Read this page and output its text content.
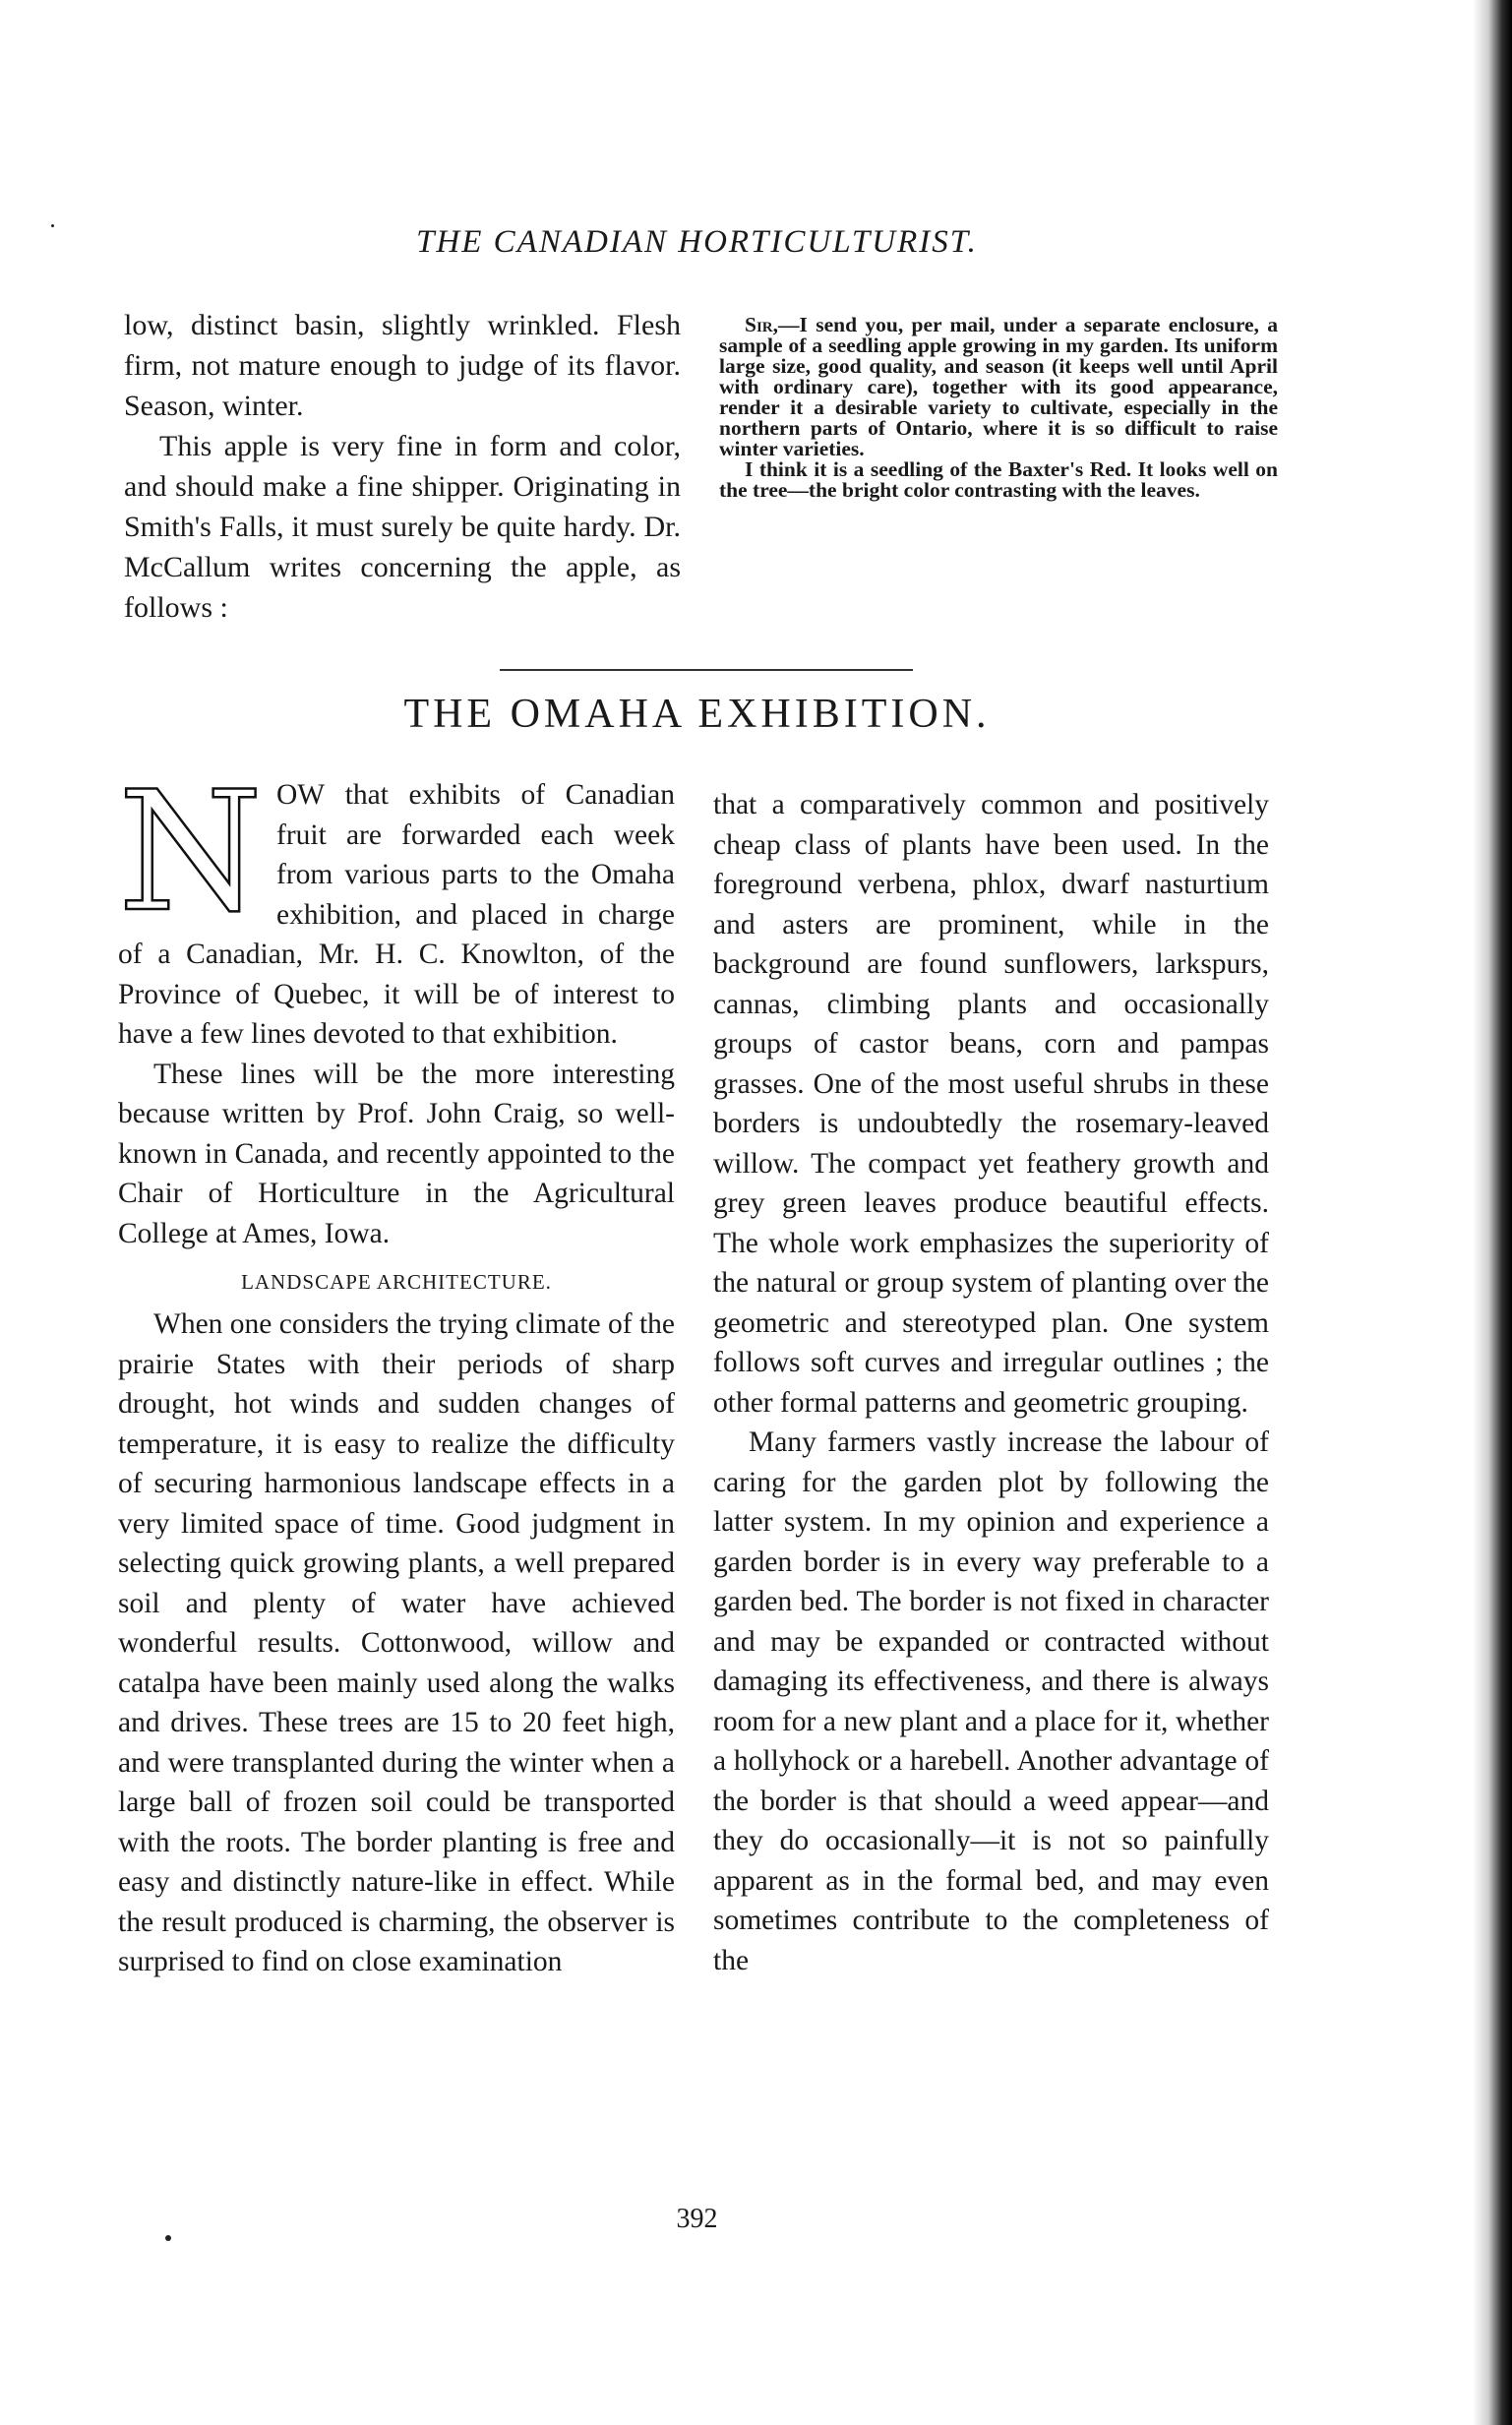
THE CANADIAN HORTICULTURIST.

low, distinct basin, slightly wrinkled. Flesh firm, not mature enough to judge of its flavor. Season, winter.

This apple is very fine in form and color, and should make a fine shipper. Originating in Smith's Falls, it must surely be quite hardy. Dr. McCallum writes concerning the apple, as follows :

Sir,—I send you, per mail, under a separate enclosure, a sample of a seedling apple growing in my garden. Its uniform large size, good quality, and season (it keeps well until April with ordinary care), together with its good appearance, render it a desirable variety to cultivate, especially in the northern parts of Ontario, where it is so difficult to raise winter varieties.

I think it is a seedling of the Baxter's Red. It looks well on the tree—the bright color contrasting with the leaves.

THE OMAHA EXHIBITION.

NOW that exhibits of Canadian fruit are forwarded each week from various parts to the Omaha exhibition, and placed in charge of a Canadian, Mr. H. C. Knowlton, of the Province of Quebec, it will be of interest to have a few lines devoted to that exhibition.

These lines will be the more interesting because written by Prof. John Craig, so well-known in Canada, and recently appointed to the Chair of Horticulture in the Agricultural College at Ames, Iowa.

LANDSCAPE ARCHITECTURE.

When one considers the trying climate of the prairie States with their periods of sharp drought, hot winds and sudden changes of temperature, it is easy to realize the difficulty of securing harmonious landscape effects in a very limited space of time. Good judgment in selecting quick growing plants, a well prepared soil and plenty of water have achieved wonderful results. Cottonwood, willow and catalpa have been mainly used along the walks and drives. These trees are 15 to 20 feet high, and were transplanted during the winter when a large ball of frozen soil could be transported with the roots. The border planting is free and easy and distinctly nature-like in effect. While the result produced is charming, the observer is surprised to find on close examination

that a comparatively common and positively cheap class of plants have been used. In the foreground verbena, phlox, dwarf nasturtium and asters are prominent, while in the background are found sunflowers, larkspurs, cannas, climbing plants and occasionally groups of castor beans, corn and pampas grasses. One of the most useful shrubs in these borders is undoubtedly the rosemary-leaved willow. The compact yet feathery growth and grey green leaves produce beautiful effects. The whole work emphasizes the superiority of the natural or group system of planting over the geometric and stereotyped plan. One system follows soft curves and irregular outlines ; the other formal patterns and geometric grouping.

Many farmers vastly increase the labour of caring for the garden plot by following the latter system. In my opinion and experience a garden border is in every way preferable to a garden bed. The border is not fixed in character and may be expanded or contracted without damaging its effectiveness, and there is always room for a new plant and a place for it, whether a hollyhock or a harebell. Another advantage of the border is that should a weed appear—and they do occasionally—it is not so painfully apparent as in the formal bed, and may even sometimes contribute to the completeness of the

392
